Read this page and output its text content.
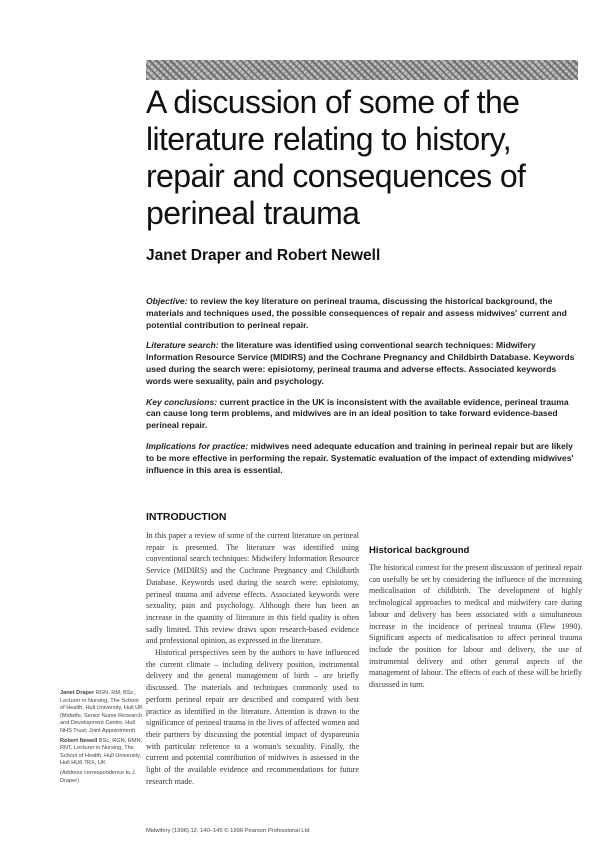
A discussion of some of the literature relating to history, repair and consequences of perineal trauma
Janet Draper and Robert Newell

Objective: to review the key literature on perineal trauma, discussing the historical background, the materials and techniques used, the possible consequences of repair and assess midwives' current and potential contribution to perineal repair.

Literature search: the literature was identified using conventional search techniques: Midwifery Information Resource Service (MIDIRS) and the Cochrane Pregnancy and Childbirth Database. Keywords used during the search were: episiotomy, perineal trauma and adverse effects. Associated keywords words were sexuality, pain and psychology.

Key conclusions: current practice in the UK is inconsistent with the available evidence, perineal trauma can cause long term problems, and midwives are in an ideal position to take forward evidence-based perineal repair.

Implications for practice: midwives need adequate education and training in perineal repair but are likely to be more effective in performing the repair. Systematic evaluation of the impact of extending midwives' influence in this area is essential.

INTRODUCTION

In this paper a review of some of the current literature on perineal repair is presented. The literature was identified using conventional search techniques: Midwifery Information Resource Service (MIDIRS) and the Cochrane Pregnancy and Childbirth Database. Keywords used during the search were: episiotomy, perineal trauma and adverse effects. Associated keywords were sexuality, pain and psychology. Although there has been an increase in the quantity of literature in this field quality is often sadly limited. This review draws upon research-based evidence and professional opinion, as expressed in the literature.

Historical perspectives seen by the authors to have influenced the current climate – including delivery position, instrumental delivery and the general management of birth – are briefly discussed. The materials and techniques commonly used to perform perineal repair are described and compared with best practice as identified in the literature. Attention is drawn to the significance of perineal trauma in the lives of affected women and their partners by discussing the potential impact of dyspareunia with particular reference to a woman's sexuality. Finally, the current and potential contribution of midwives is assessed in the light of the available evidence and recommendations for future research made.

Historical background

The historical context for the present discussion of perineal repair can usefully be set by considering the influence of the increasing medicalisation of childbirth. The development of highly technological approaches to medical and midwifery care during labour and delivery has been associated with a simultaneous increase in the incidence of perineal trauma (Flew 1990). Significant aspects of medicalisation to affect perineal trauma include the position for labour and delivery, the use of instrumental delivery and other general aspects of the management of labour. The effects of each of these will be briefly discussed in turn.

Janet Draper RGN, RM, BSc, Lecturer in Nursing, The School of Health, Hull University, Hull UK (Midwife, Senior Nurse Research and Development Centre, Hull NHS Trust; Joint Appointment)

Robert Newell BSc, RGN, RMN, RNT, Lecturer in Nursing, The School of Health, Hull University, Hull HU6 7RX, UK

(Address correspondence to J. Draper)

Midwifery (1996) 12, 140–145 © 1996 Pearson Professional Ltd
